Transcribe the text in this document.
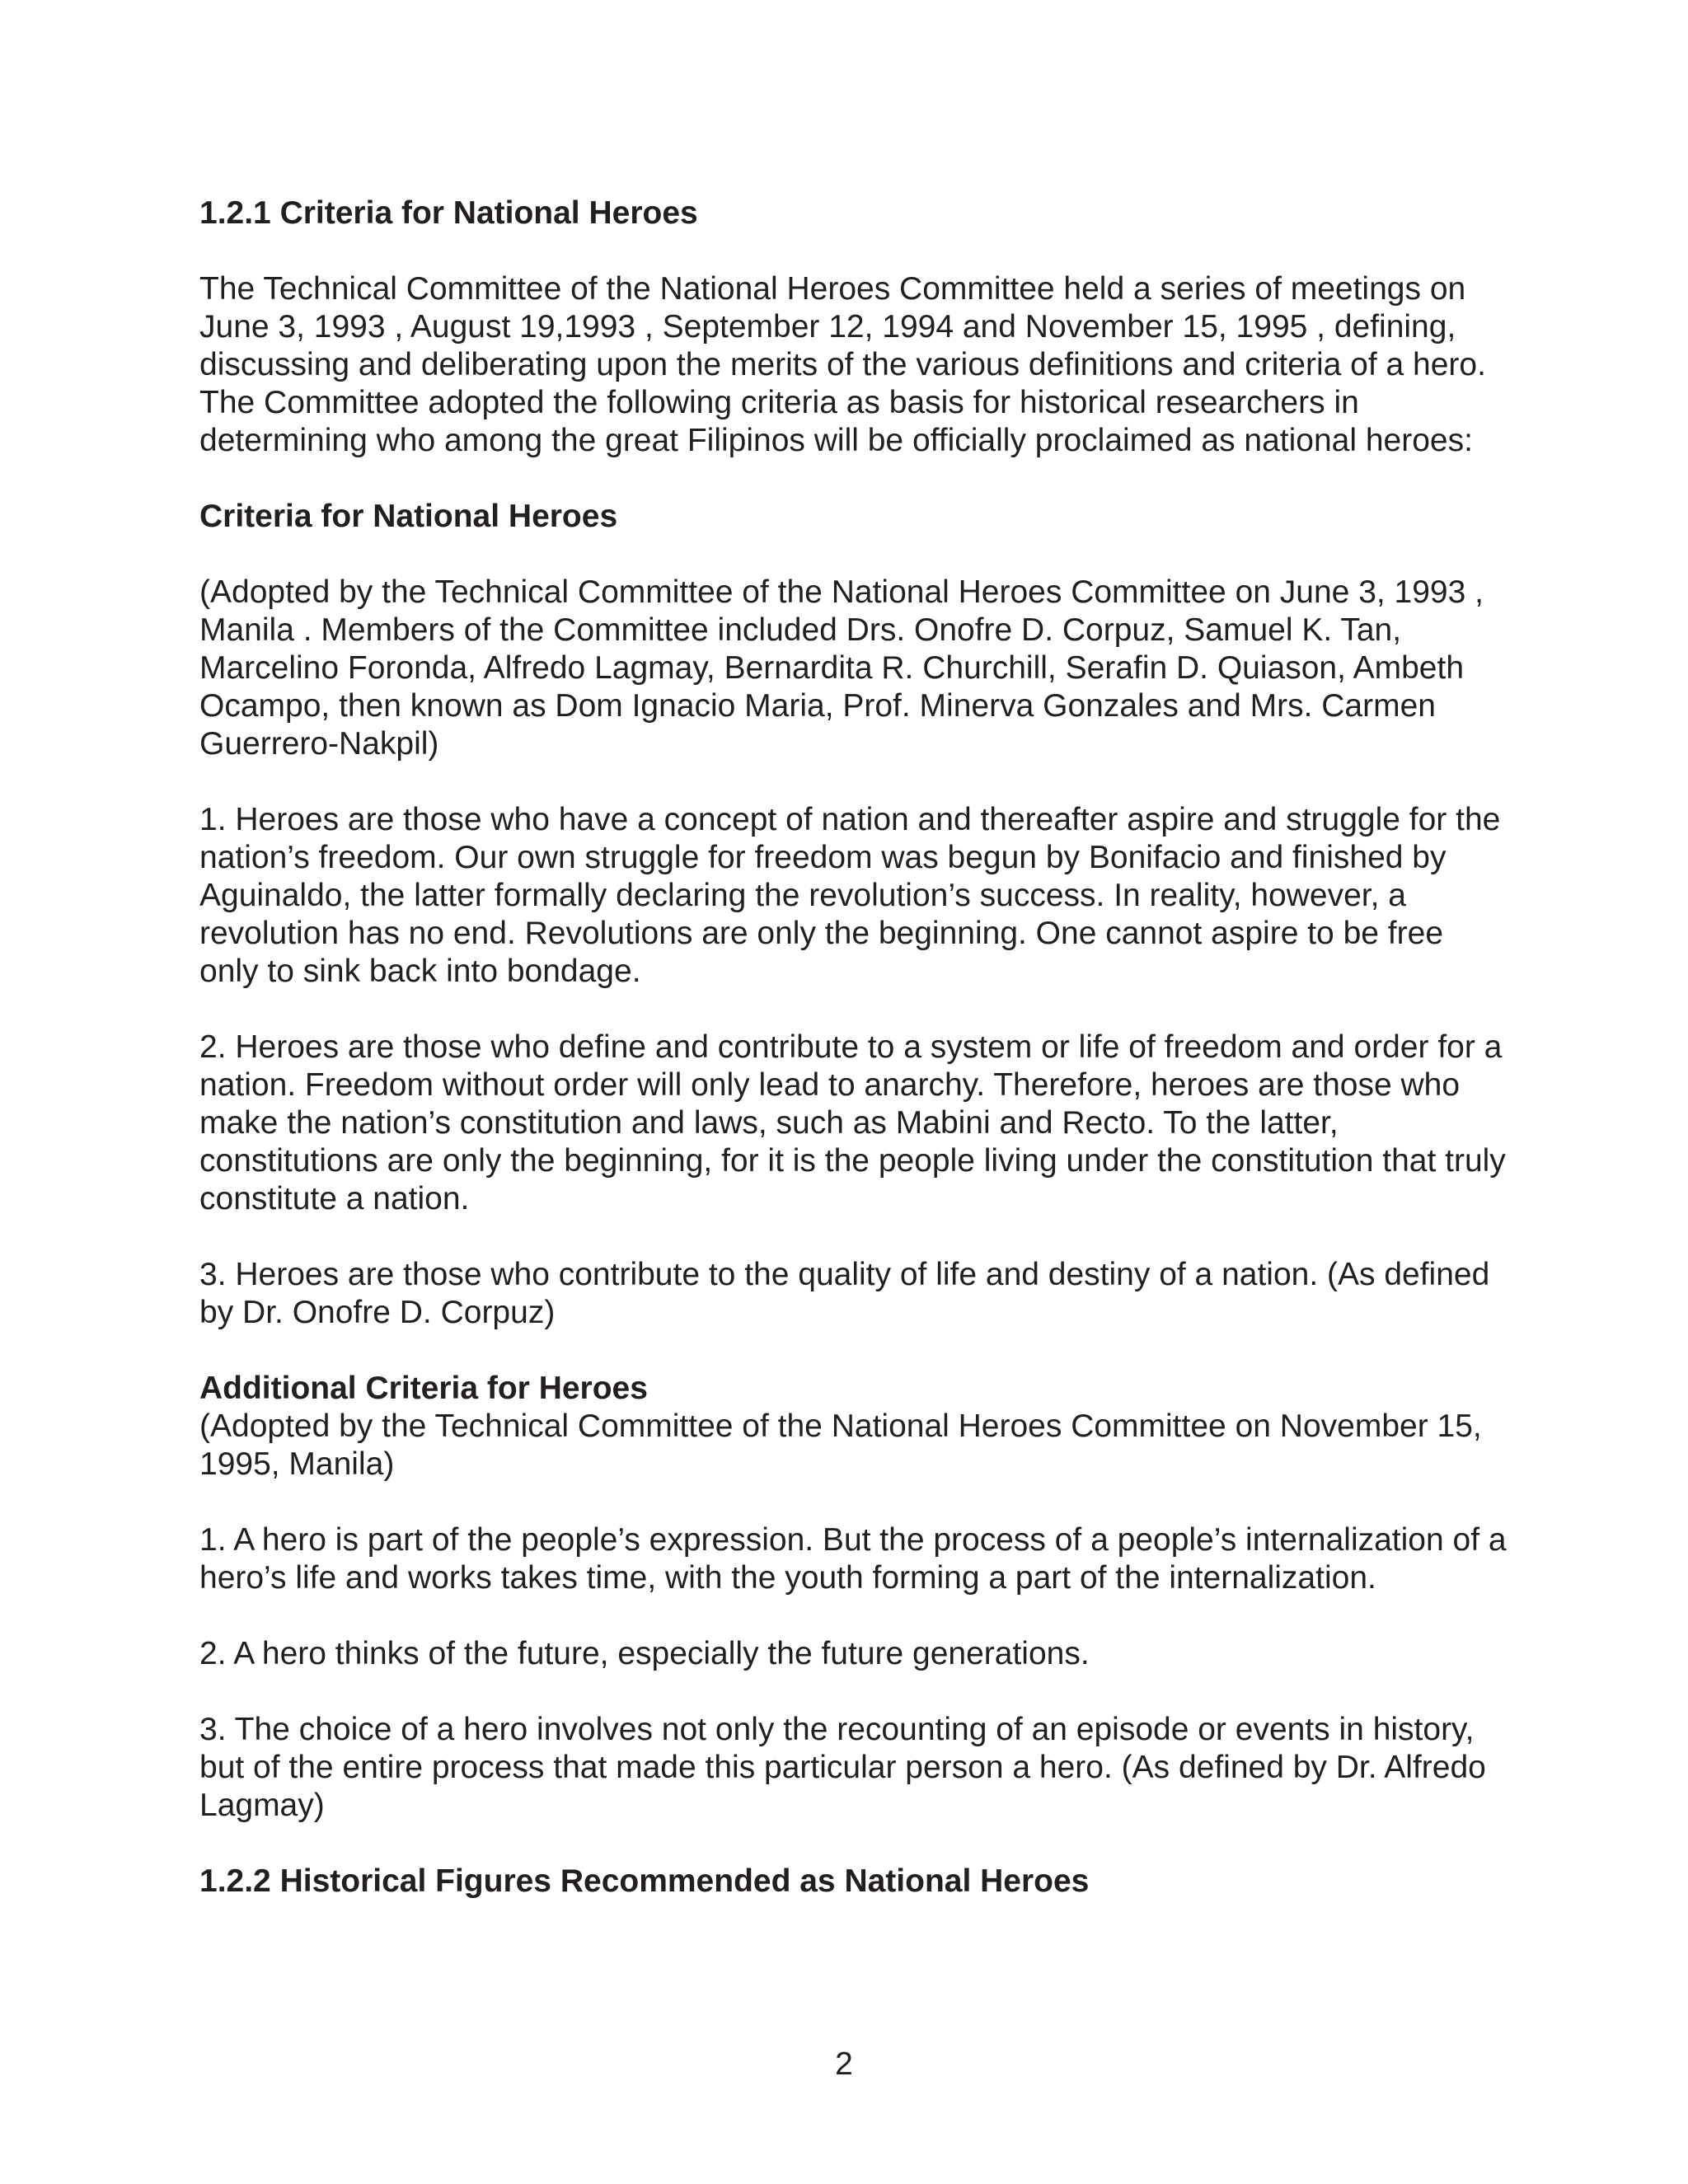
1.2.1 Criteria for National Heroes

The Technical Committee of the National Heroes Committee held a series of meetings on June 3, 1993 , August 19,1993 , September 12, 1994 and November 15, 1995 , defining, discussing and deliberating upon the merits of the various definitions and criteria of a hero. The Committee adopted the following criteria as basis for historical researchers in determining who among the great Filipinos will be officially proclaimed as national heroes:

Criteria for National Heroes

(Adopted by the Technical Committee of the National Heroes Committee on June 3, 1993 , Manila . Members of the Committee included Drs. Onofre D. Corpuz, Samuel K. Tan, Marcelino Foronda, Alfredo Lagmay, Bernardita R. Churchill, Serafin D. Quiason, Ambeth Ocampo, then known as Dom Ignacio Maria, Prof. Minerva Gonzales and Mrs. Carmen Guerrero-Nakpil)

1. Heroes are those who have a concept of nation and thereafter aspire and struggle for the nation’s freedom. Our own struggle for freedom was begun by Bonifacio and finished by Aguinaldo, the latter formally declaring the revolution’s success. In reality, however, a revolution has no end. Revolutions are only the beginning. One cannot aspire to be free only to sink back into bondage.

2. Heroes are those who define and contribute to a system or life of freedom and order for a nation. Freedom without order will only lead to anarchy. Therefore, heroes are those who make the nation’s constitution and laws, such as Mabini and Recto. To the latter, constitutions are only the beginning, for it is the people living under the constitution that truly constitute a nation.

3. Heroes are those who contribute to the quality of life and destiny of a nation. (As defined by Dr. Onofre D. Corpuz)

Additional Criteria for Heroes

(Adopted by the Technical Committee of the National Heroes Committee on November 15, 1995, Manila)

1. A hero is part of the people’s expression. But the process of a people’s internalization of a hero’s life and works takes time, with the youth forming a part of the internalization.

2. A hero thinks of the future, especially the future generations.

3. The choice of a hero involves not only the recounting of an episode or events in history, but of the entire process that made this particular person a hero. (As defined by Dr. Alfredo Lagmay)

1.2.2 Historical Figures Recommended as National Heroes
2
